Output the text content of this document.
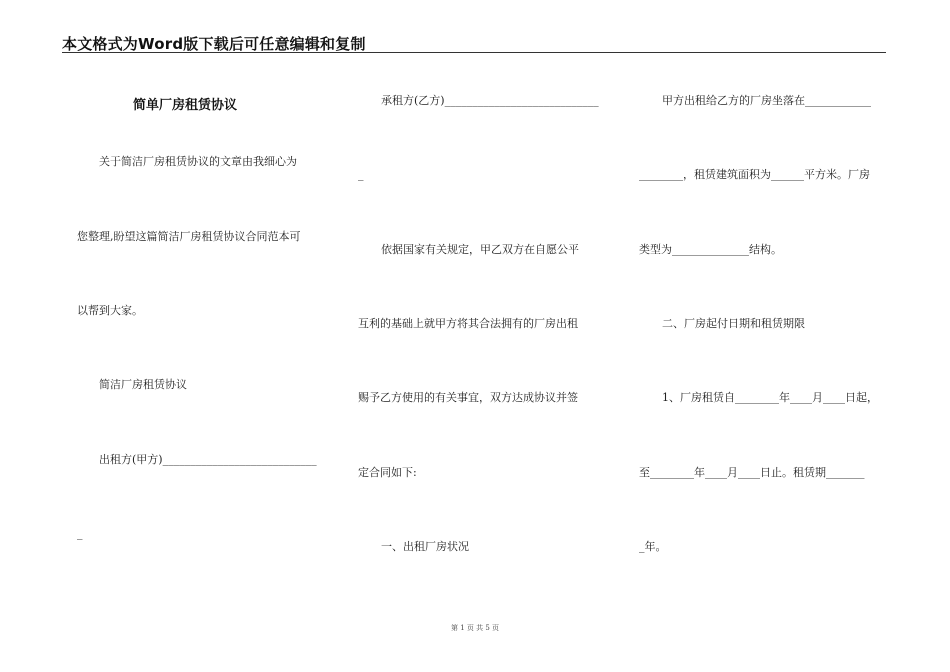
本文格式为Word版下载后可任意编辑和复制
简单厂房租赁协议
关于简洁厂房租赁协议的文章由我细心为
您整理,盼望这篇简洁厂房租赁协议合同范本可
以帮到大家。
简洁厂房租赁协议
出租方(甲方)____________________________
_
承租方(乙方)____________________________
_
依据国家有关规定，甲乙双方在自愿公平
互利的基础上就甲方将其合法拥有的厂房出租
赐予乙方使用的有关事宜，双方达成协议并签
定合同如下:
一、出租厂房状况
甲方出租给乙方的厂房坐落在____________
________，租赁建筑面积为______平方米。厂房
类型为______________结构。
二、厂房起付日期和租赁期限
1、厂房租赁自________年____月____日起，
至________年____月____日止。租赁期_______
_年。
第 1 页 共 5 页
